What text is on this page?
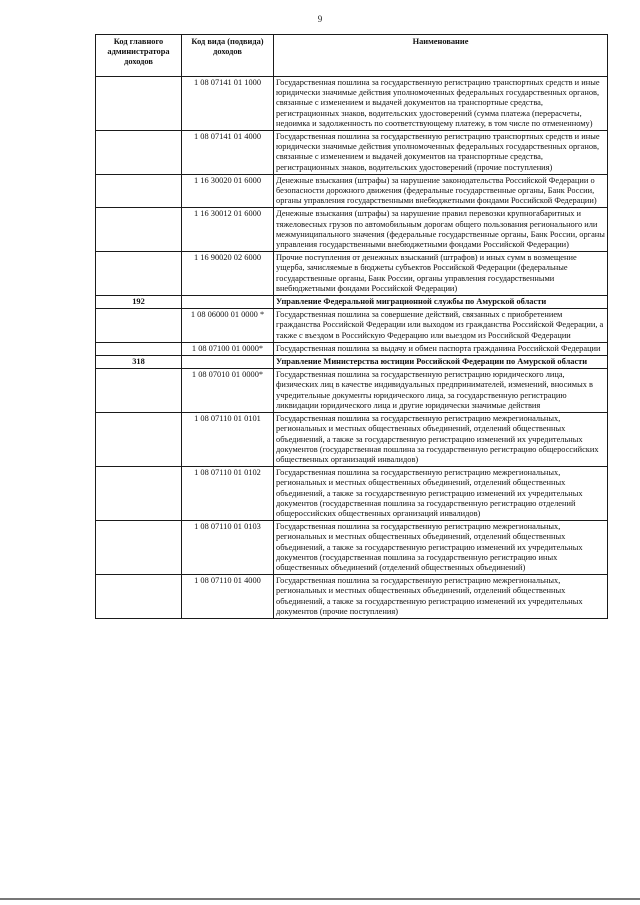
9
Код главного администратора доходов	Код вида (подвида) доходов	Наименование
	1 08 07141 01 1000	Государственная пошлина за государственную регистрацию транспортных средств и иные юридически значимые действия уполномоченных федеральных государственных органов, связанные с изменением и выдачей документов на транспортные средства, регистрационных знаков, водительских удостоверений (сумма платежа (перерасчеты, недоимка и задолженность по соответствующему платежу, в том числе по отмененному)
	1 08 07141 01 4000	Государственная пошлина за государственную регистрацию транспортных средств и иные юридически значимые действия уполномоченных федеральных государственных органов, связанные с изменением и выдачей документов на транспортные средства, регистрационных знаков, водительских удостоверений (прочие поступления)
	1 16 30020 01 6000	Денежные взыскания (штрафы) за нарушение законодательства Российской Федерации о безопасности дорожного движения (федеральные государственные органы, Банк России, органы управления государственными внебюджетными фондами Российской Федерации)
	1 16 30012 01 6000	Денежные взыскания (штрафы) за нарушение правил перевозки крупногабаритных и тяжеловесных грузов по автомобильным дорогам общего пользования регионального или межмуниципального значения (федеральные государственные органы, Банк России, органы управления государственными внебюджетными фондами Российской Федерации)
	1 16 90020 02 6000	Прочие поступления от денежных взысканий (штрафов) и иных сумм в возмещение ущерба, зачисляемые в бюджеты субъектов Российской Федерации (федеральные государственные органы, Банк России, органы управления государственными внебюджетными фондами Российской Федерации)
192		Управление Федеральной миграционной службы по Амурской области
	1 08 06000 01 0000 *	Государственная пошлина за совершение действий, связанных с приобретением гражданства Российской Федерации или выходом из гражданства Российской Федерации, а также с въездом в Российскую Федерацию или выездом из Российской Федерации
	1 08 07100 01 0000*	Государственная пошлина за выдачу и обмен паспорта гражданина Российской Федерации
318		Управление Министерства юстиции Российской Федерации по Амурской области
	1 08 07010 01 0000*	Государственная пошлина за государственную регистрацию юридического лица, физических лиц в качестве индивидуальных предпринимателей, изменений, вносимых в учредительные документы юридического лица, за государственную регистрацию ликвидации юридического лица и другие юридически значимые действия
	1 08 07110 01 0101	Государственная пошлина за государственную регистрацию межрегиональных, региональных и местных общественных объединений, отделений общественных объединений, а также за государственную регистрацию изменений их учредительных документов (государственная пошлина за государственную регистрацию общероссийских общественных организаций инвалидов)
	1 08 07110 01 0102	Государственная пошлина за государственную регистрацию межрегиональных, региональных и местных общественных объединений, отделений общественных объединений, а также за государственную регистрацию изменений их учредительных документов (государственная пошлина за государственную регистрацию отделений общероссийских общественных организаций инвалидов)
	1 08 07110 01 0103	Государственная пошлина за государственную регистрацию межрегиональных, региональных и местных общественных объединений, отделений общественных объединений, а также за государственную регистрацию изменений их учредительных документов (государственная пошлина за государственную регистрацию иных общественных объединений (отделений общественных объединений)
	1 08 07110 01 4000	Государственная пошлина за государственную регистрацию межрегиональных, региональных и местных общественных объединений, отделений общественных объединений, а также за государственную регистрацию изменений их учредительных документов (прочие поступления)
